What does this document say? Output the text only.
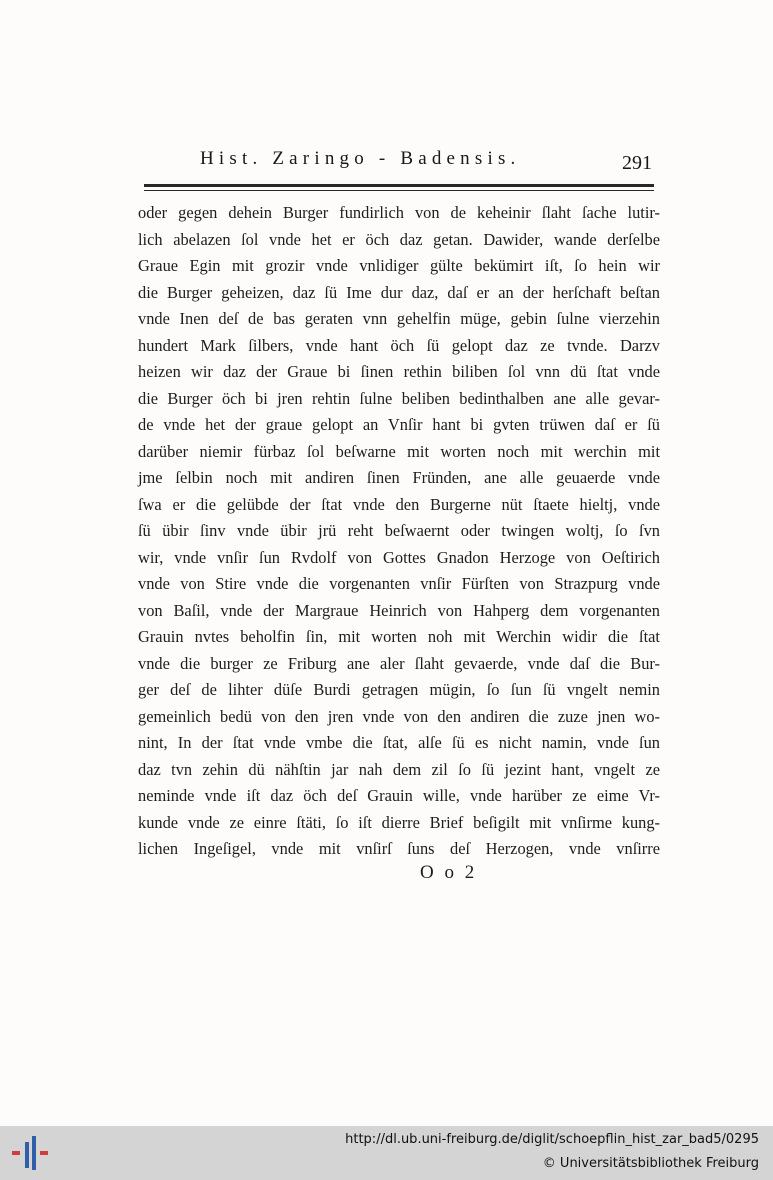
Hist. Zaringo - Badensis.	291
oder gegen dehein Burger fundirlich von de keheinir ſlaht ſache lutir-
lich abelazen ſol vnde het er öch daz getan. Dawider, wande derſelbe
Graue Egin mit grozir vnde vnlidiger gülte bekümirt iſt, ſo hein wir
die Burger geheizen, daz ſü Ime dur daz, daſ er an der herſchaft beſtan
vnde Inen deſ de bas geraten vnn gehelfin müge, gebin ſulne vierzehin
hundert Mark ſilbers, vnde hant öch ſü gelopt daz ze tvnde. Darzv
heizen wir daz der Graue bi ſinen rethin biliben ſol vnn dü ſtat vnde
die Burger öch bi jren rehtin ſulne beliben bedinthalben ane alle gevar-
de vnde het der graue gelopt an Vnſir hant bi gvten trüwen daſ er ſü
darüber niemir fürbaz ſol beſwarne mit worten noch mit werchin mit
jme ſelbin noch mit andiren ſinen Fründen, ane alle geuaerde vnde
ſwa er die gelübde der ſtat vnde den Burgerne nüt ſtaete hieltj, vnde
ſü übir ſinv vnde übir jrü reht beſwaernt oder twingen woltj, ſo ſvn
wir, vnde vnſir ſun Rvdolf von Gottes Gnadon Herzoge von Oeſtirich
vnde von Stire vnde die vorgenanten vnſir Fürſten von Strazpurg vnde
von Baſil, vnde der Margraue Heinrich von Hahperg dem vorgenanten
Grauin nvtes beholfin ſin, mit worten noh mit Werchin widir die ſtat
vnde die burger ze Friburg ane aler ſlaht gevaerde, vnde daſ die Bur-
ger deſ de lihter düſe Burdi getragen mügin, ſo ſun ſü vngelt nemin
gemeinlich bedü von den jren vnde von den andiren die zuze jnen wo-
nint, In der ſtat vnde vmbe die ſtat, alſe ſü es nicht namin, vnde ſun
daz tvn zehin dü nähſtin jar nah dem zil ſo ſü jezint hant, vngelt ze
neminde vnde iſt daz öch deſ Grauin wille, vnde harüber ze eime Vr-
kunde vnde ze einre ſtäti, ſo iſt dierre Brief beſigilt mit vnſirme kung-
lichen Ingeſigel, vnde mit vnſirſ ſuns deſ Herzogen, vnde vnſirre
O o 2
http://dl.ub.uni-freiburg.de/diglit/schoepflin_hist_zar_bad5/0295
© Universitätsbibliothek Freiburg
